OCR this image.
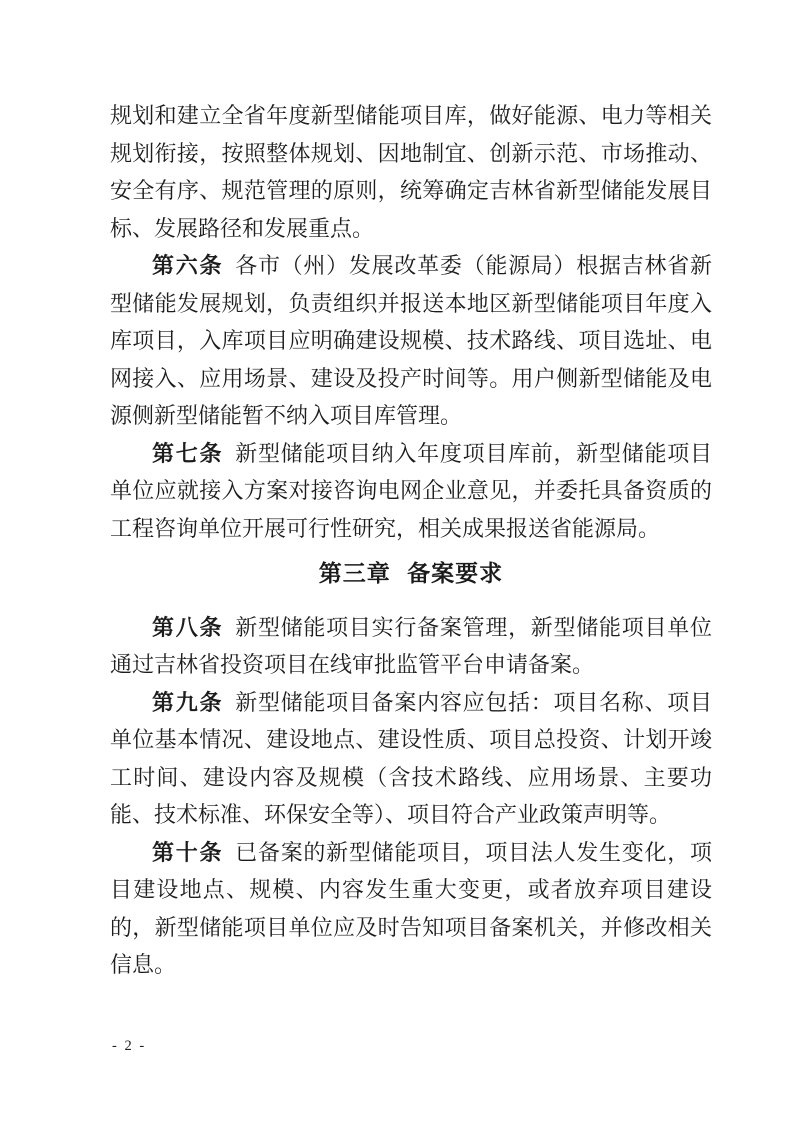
规划和建立全省年度新型储能项目库，做好能源、电力等相关规划衔接，按照整体规划、因地制宜、创新示范、市场推动、安全有序、规范管理的原则，统筹确定吉林省新型储能发展目标、发展路径和发展重点。

第六条 各市（州）发展改革委（能源局）根据吉林省新型储能发展规划，负责组织并报送本地区新型储能项目年度入库项目，入库项目应明确建设规模、技术路线、项目选址、电网接入、应用场景、建设及投产时间等。用户侧新型储能及电源侧新型储能暂不纳入项目库管理。

第七条 新型储能项目纳入年度项目库前，新型储能项目单位应就接入方案对接咨询电网企业意见，并委托具备资质的工程咨询单位开展可行性研究，相关成果报送省能源局。

第三章 备案要求

第八条 新型储能项目实行备案管理，新型储能项目单位通过吉林省投资项目在线审批监管平台申请备案。

第九条 新型储能项目备案内容应包括：项目名称、项目单位基本情况、建设地点、建设性质、项目总投资、计划开竣工时间、建设内容及规模（含技术路线、应用场景、主要功能、技术标准、环保安全等）、项目符合产业政策声明等。

第十条 已备案的新型储能项目，项目法人发生变化，项目建设地点、规模、内容发生重大变更，或者放弃项目建设的，新型储能项目单位应及时告知项目备案机关，并修改相关信息。

- 2 -
